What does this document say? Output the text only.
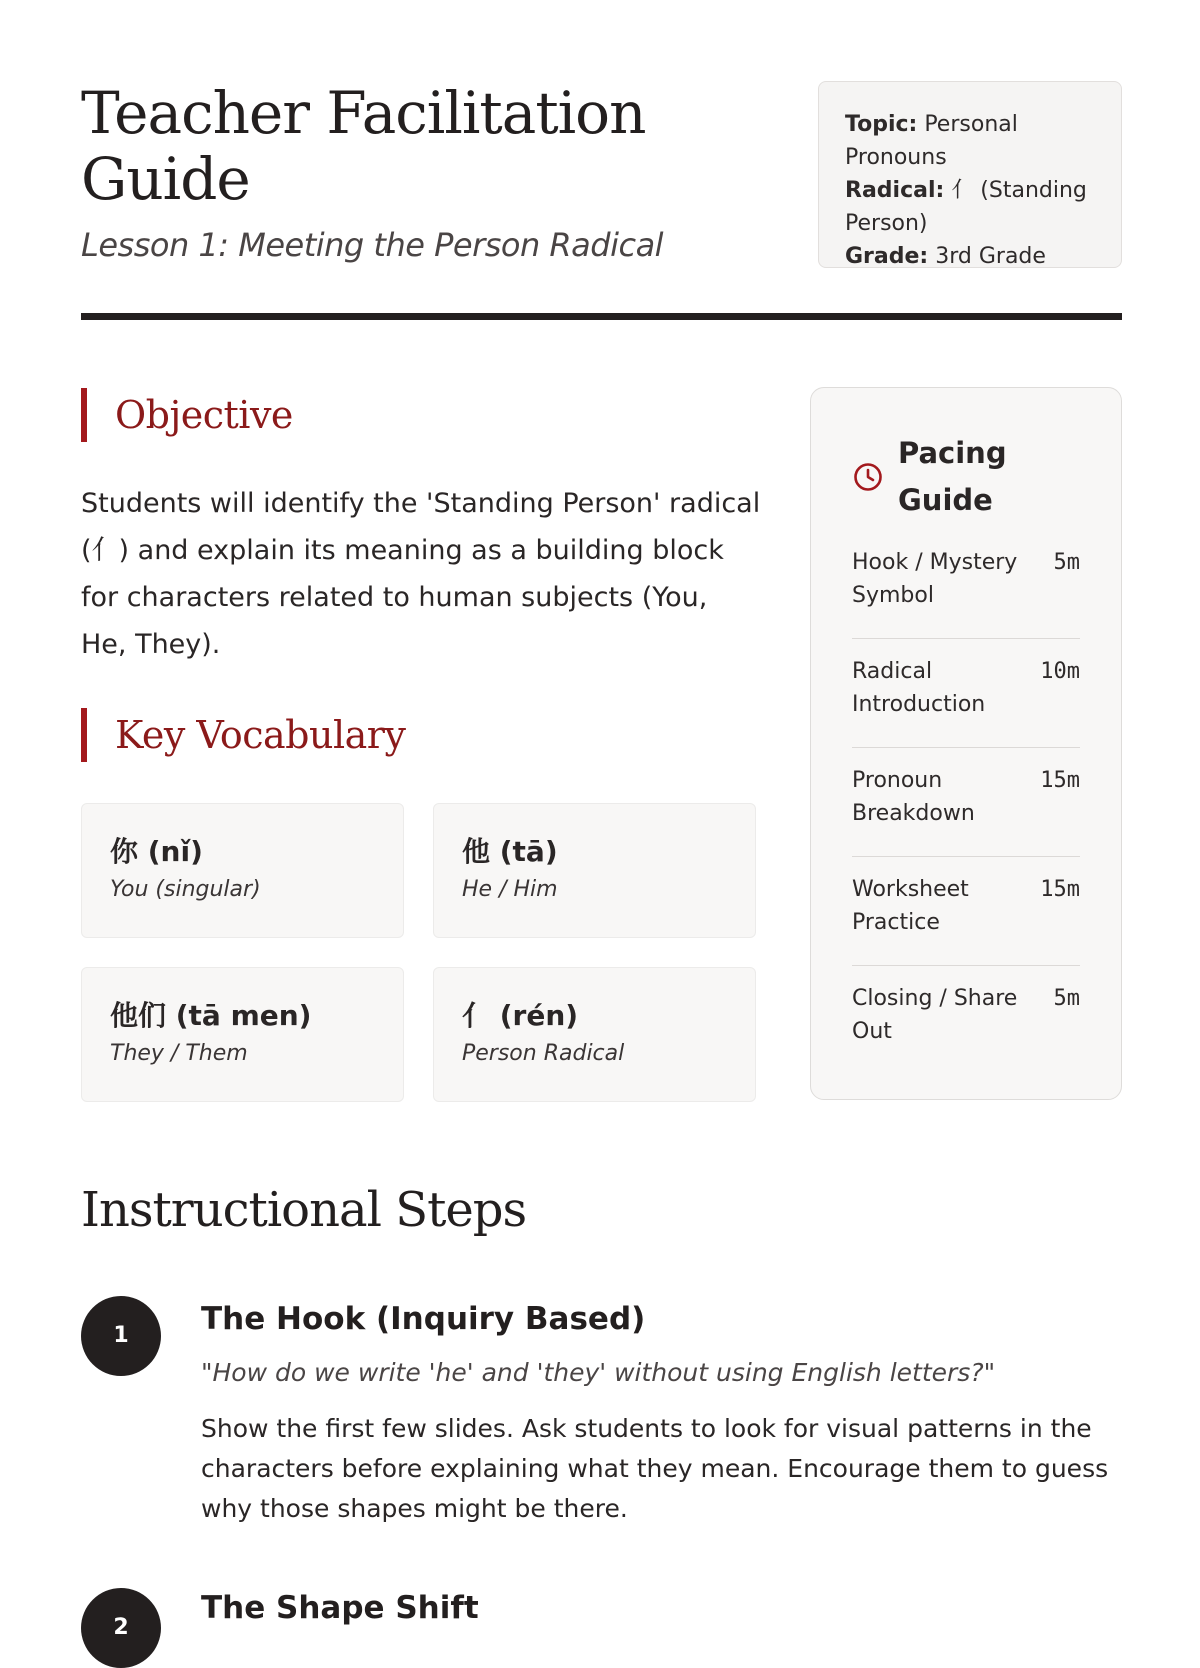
Teacher Facilitation Guide
Lesson 1: Meeting the Person Radical
Topic: Personal Pronouns
Radical: 亻 (Standing Person)
Grade: 3rd Grade
Objective
Students will identify the 'Standing Person' radical (亻) and explain its meaning as a building block for characters related to human subjects (You, He, They).
Key Vocabulary
你 (nǐ)
You (singular)
他 (tā)
He / Him
他们 (tā men)
They / Them
亻 (rén)
Person Radical
Pacing Guide
Hook / Mystery Symbol
5m
Radical Introduction
10m
Pronoun Breakdown
15m
Worksheet Practice
15m
Closing / Share Out
5m
Instructional Steps
1	The Hook (Inquiry Based)
"How do we write 'he' and 'they' without using English letters?"
Show the first few slides. Ask students to look for visual patterns in the characters before explaining what they mean. Encourage them to guess why those shapes might be there.
2
The Shape Shift
